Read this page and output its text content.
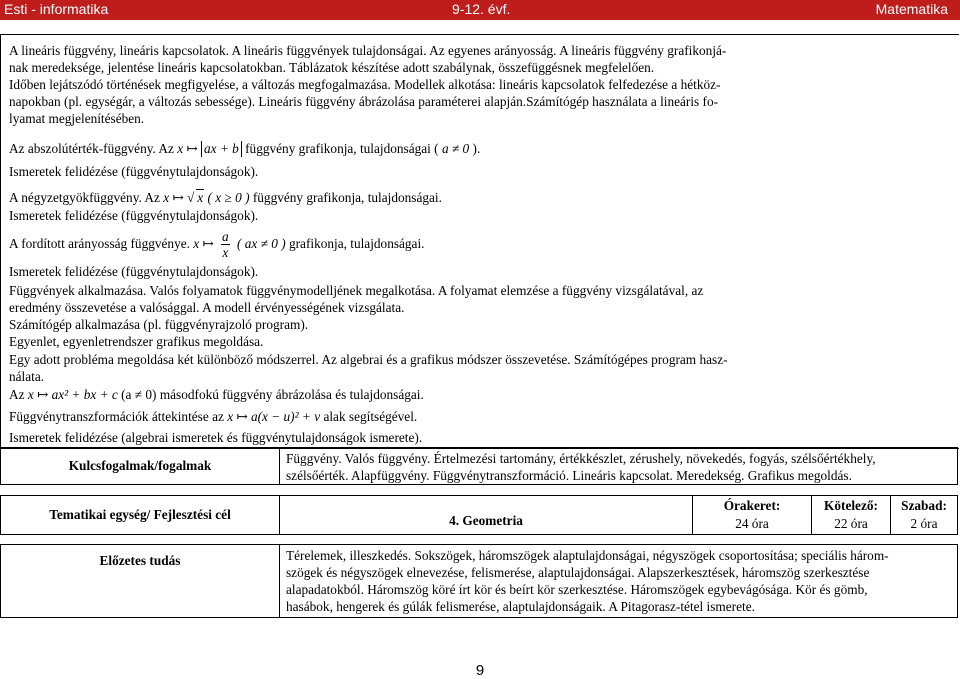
Esti - informatika	9-12. évf.	Matematika
A lineáris függvény, lineáris kapcsolatok. A lineáris függvények tulajdonságai. Az egyenes arányosság. A lineáris függvény grafikonjá-
nak meredeksége, jelentése lineáris kapcsolatokban. Táblázatok készítése adott szabálynak, összefüggésnek megfelelően.
Időben lejátszódó történések megfigyelése, a változás megfogalmazása. Modellek alkotása: lineáris kapcsolatok felfedezése a hétköz-
napokban (pl. egységár, a változás sebessége). Lineáris függvény ábrázolása paraméterei alapján.Számítógép használata a lineáris fo-
lyamat megjelenítésében.
Az abszolútérték-függvény. Az x ↦ ax + b függvény grafikonja, tulajdonságai ( a ≠ 0 ).
Ismeretek felidézése (függvénytulajdonságok).
A négyzetgyökfüggvény. Az x ↦ √ x ( x ≥ 0 ) függvény grafikonja, tulajdonságai.
Ismeretek felidézése (függvénytulajdonságok).
A fordított arányosság függvénye. x ↦ $\frac{a}{x}$ ( ax ≠ 0 ) grafikonja, tulajdonságai.
Ismeretek felidézése (függvénytulajdonságok).
Függvények alkalmazása. Valós folyamatok függvénymodelljének megalkotása. A folyamat elemzése a függvény vizsgálatával, az
eredmény összevetése a valósággal. A modell érvényességének vizsgálata.
Számítógép alkalmazása (pl. függvényrajzoló program).
Egyenlet, egyenletrendszer grafikus megoldása.
Egy adott probléma megoldása két különböző módszerrel. Az algebrai és a grafikus módszer összevetése. Számítógépes program hasz-
nálata.
Az x ↦ ax² + bx + c (a ≠ 0) másodfokú függvény ábrázolása és tulajdonságai.
Függvénytranszformációk áttekintése az x ↦ a(x − u)² + v alak segítségével.
Ismeretek felidézése (algebrai ismeretek és függvénytulajdonságok ismerete).
Kulcsfogalmak/fogalmak	Függvény. Valós függvény. Értelmezési tartomány, értékkészlet, zérushely, növekedés, fogyás, szélsőértékhely,
szélsőérték. Alapfüggvény. Függvénytranszformáció. Lineáris kapcsolat. Meredekség. Grafikus megoldás.
Tematikai egység/ Fejlesztési cél	4. Geometria
Órakeret:
24 óra
Kötelező:
22 óra
Szabad:
2 óra
Előzetes tudás	Térelemek, illeszkedés. Sokszögek, háromszögek alaptulajdonságai, négyszögek csoportosítása; speciális három-
szögek és négyszögek elnevezése, felismerése, alaptulajdonságai. Alapszerkesztések, háromszög szerkesztése
alapadatokból. Háromszög köré írt kör és beírt kör szerkesztése. Háromszögek egybevágósága. Kör és gömb,
hasábok, hengerek és gúlák felismerése, alaptulajdonságaik. A Pitagorasz-tétel ismerete.
9
